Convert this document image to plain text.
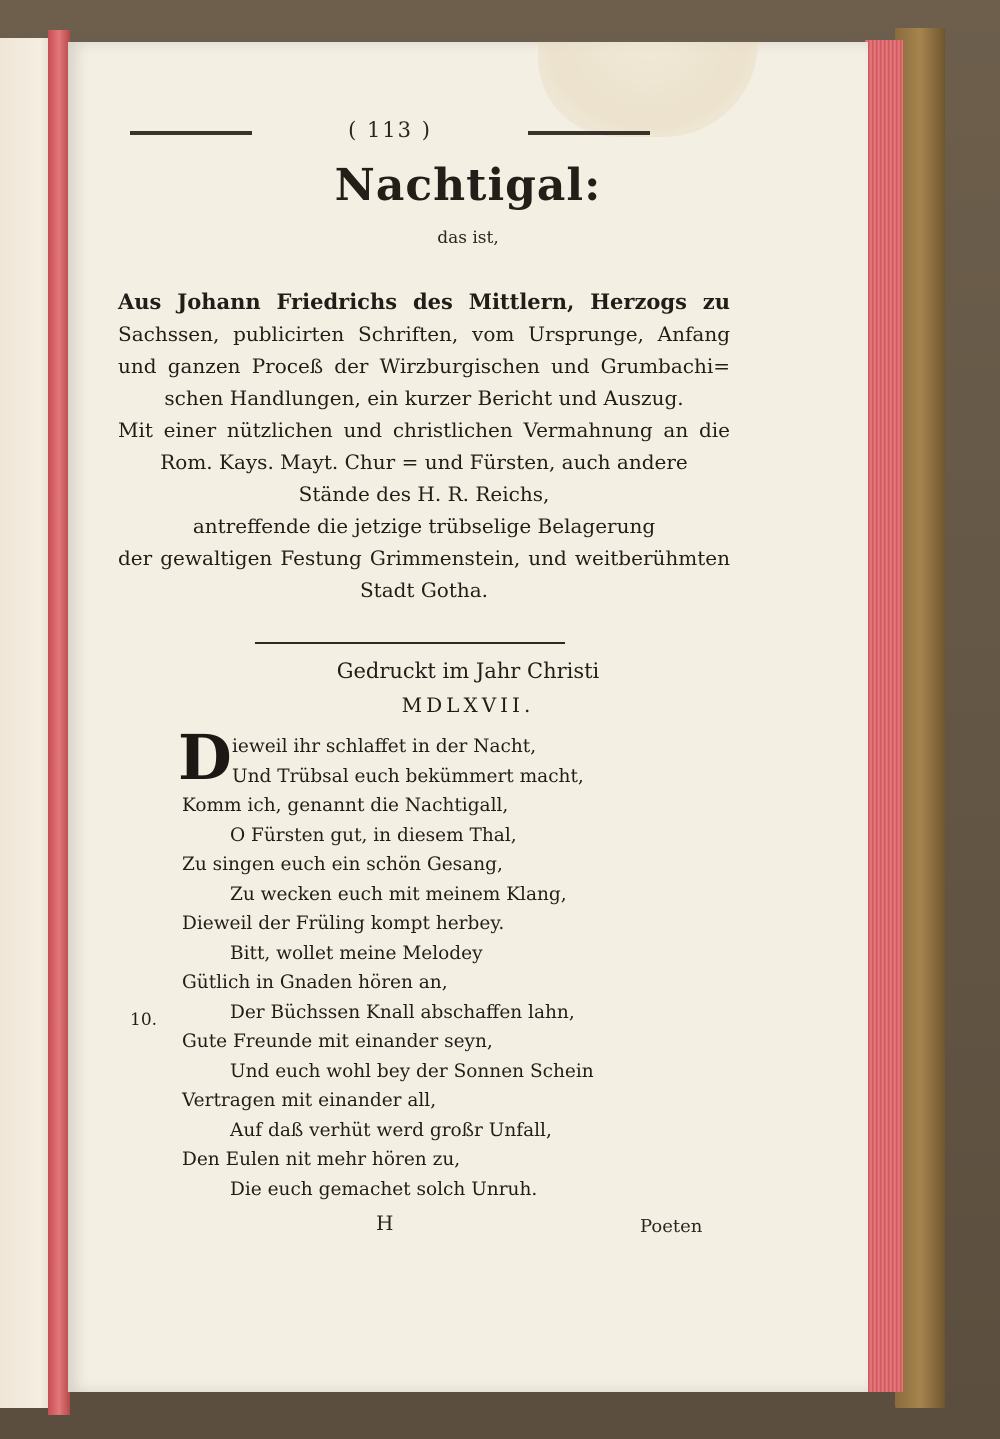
( 113 )
Nachtigal:
das ist,

Aus Johann Friedrichs des Mittlern, Herzogs zu

Sachssen, publicirten Schriften, vom Ursprunge, Anfang

und ganzen Proceß der Wirzburgischen und Grumbachi=

schen Handlungen, ein kurzer Bericht und Auszug.

Mit einer nützlichen und christlichen Vermahnung an die

Rom. Kays. Mayt. Chur = und Fürsten, auch andere

Stände des H. R. Reichs,

antreffende die jetzige trübselige Belagerung

der gewaltigen Festung Grimmenstein, und weitberühmten

Stadt Gotha.

Gedruckt im Jahr Christi
MDLXVII.
D ieweil ihr schlaffet in der Nacht,
Und Trübsal euch bekümmert macht,
Komm ich, genannt die Nachtigall,
O Fürsten gut, in diesem Thal,
Zu singen euch ein schön Gesang,
Zu wecken euch mit meinem Klang,
Dieweil der Früling kompt herbey.
Bitt, wollet meine Melodey
Gütlich in Gnaden hören an,
Der Büchssen Knall abschaffen lahn,
Gute Freunde mit einander seyn,
Und euch wohl bey der Sonnen Schein
Vertragen mit einander all,
Auf daß verhüt werd großr Unfall,
Den Eulen nit mehr hören zu,
Die euch gemachet solch Unruh.
10.
H	Poeten
